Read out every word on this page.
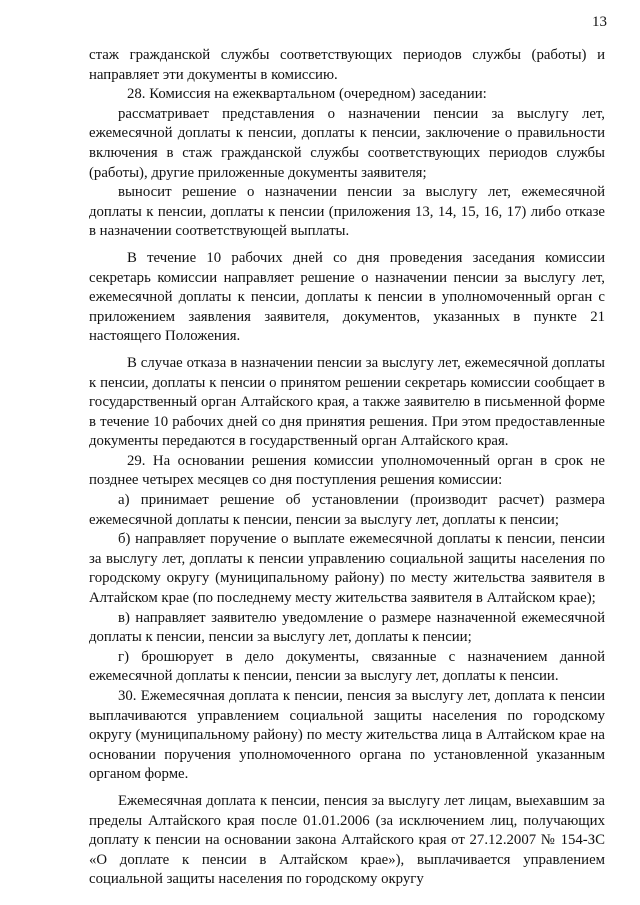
13

стаж гражданской службы соответствующих периодов службы (работы) и направляет эти документы в комиссию.

28. Комиссия на ежеквартальном (очередном) заседании:

рассматривает представления о назначении пенсии за выслугу лет, ежемесячной доплаты к пенсии, доплаты к пенсии, заключение о правильности включения в стаж гражданской службы соответствующих периодов службы (работы), другие приложенные документы заявителя;

выносит решение о назначении пенсии за выслугу лет, ежемесячной доплаты к пенсии, доплаты к пенсии (приложения 13, 14, 15, 16, 17) либо отказе в назначении соответствующей выплаты.

В течение 10 рабочих дней со дня проведения заседания комиссии секретарь комиссии направляет решение о назначении пенсии за выслугу лет, ежемесячной доплаты к пенсии, доплаты к пенсии в уполномоченный орган с приложением заявления заявителя, документов, указанных в пункте 21 настоящего Положения.

В случае отказа в назначении пенсии за выслугу лет, ежемесячной доплаты к пенсии, доплаты к пенсии о принятом решении секретарь комиссии сообщает в государственный орган Алтайского края, а также заявителю в письменной форме в течение 10 рабочих дней со дня принятия решения. При этом предоставленные документы передаются в государственный орган Алтайского края.

29. На основании решения комиссии уполномоченный орган в срок не позднее четырех месяцев со дня поступления решения комиссии:

а) принимает решение об установлении (производит расчет) размера ежемесячной доплаты к пенсии, пенсии за выслугу лет, доплаты к пенсии;

б) направляет поручение о выплате ежемесячной доплаты к пенсии, пенсии за выслугу лет, доплаты к пенсии управлению социальной защиты населения по городскому округу (муниципальному району) по месту жительства заявителя в Алтайском крае (по последнему месту жительства заявителя в Алтайском крае);

в) направляет заявителю уведомление о размере назначенной ежемесячной доплаты к пенсии, пенсии за выслугу лет, доплаты к пенсии;

г) брошюрует в дело документы, связанные с назначением данной ежемесячной доплаты к пенсии, пенсии за выслугу лет, доплаты к пенсии.

30. Ежемесячная доплата к пенсии, пенсия за выслугу лет, доплата к пенсии выплачиваются управлением социальной защиты населения по городскому округу (муниципальному району) по месту жительства лица в Алтайском крае на основании поручения уполномоченного органа по установленной указанным органом форме.

Ежемесячная доплата к пенсии, пенсия за выслугу лет лицам, выехавшим за пределы Алтайского края после 01.01.2006 (за исключением лиц, получающих доплату к пенсии на основании закона Алтайского края от 27.12.2007 № 154-ЗС «О доплате к пенсии в Алтайском крае»), выплачивается управлением социальной защиты населения по городскому округу
